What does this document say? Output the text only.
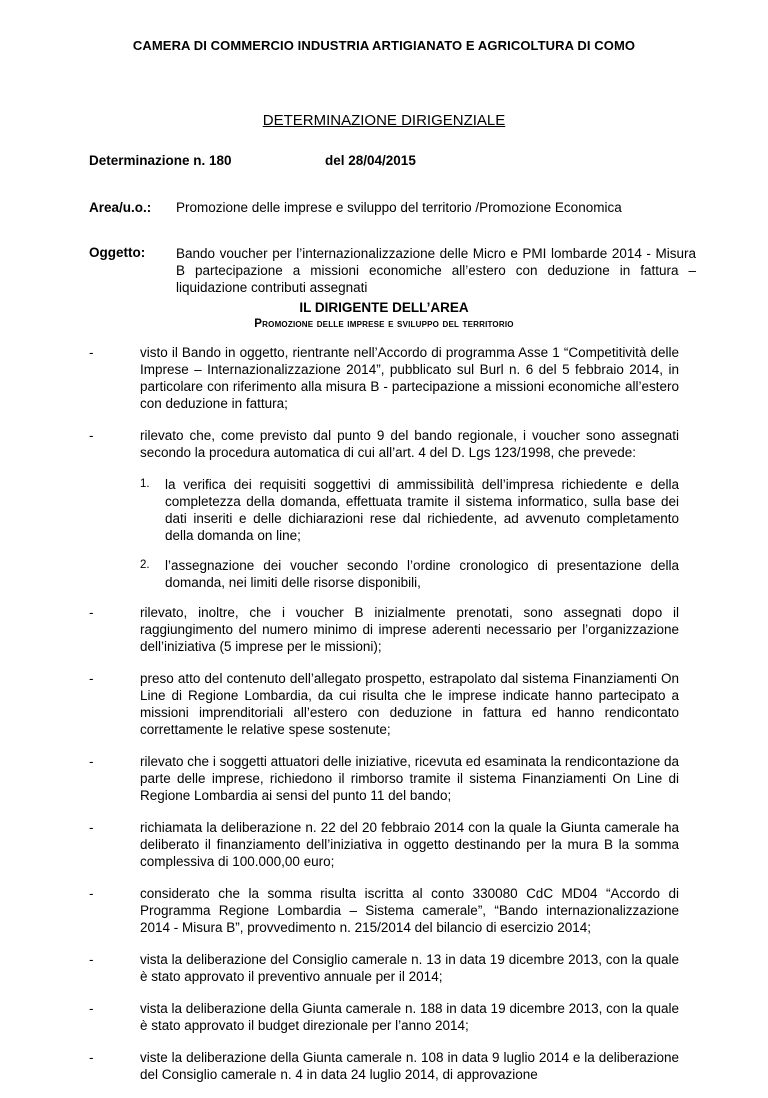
CAMERA DI COMMERCIO INDUSTRIA ARTIGIANATO E AGRICOLTURA DI COMO
DETERMINAZIONE DIRIGENZIALE
Determinazione n. 180	del 28/04/2015
Area/u.o.: Promozione delle imprese e sviluppo del territorio /Promozione Economica
Oggetto: Bando voucher per l’internazionalizzazione delle Micro e PMI lombarde 2014 - Misura B partecipazione a missioni economiche all’estero con deduzione in fattura – liquidazione contributi assegnati
IL DIRIGENTE DELL’AREA
Promozione delle imprese e sviluppo del territorio
-	visto il Bando in oggetto, rientrante nell’Accordo di programma Asse 1 “Competitività delle Imprese – Internazionalizzazione 2014”, pubblicato sul Burl n. 6 del 5 febbraio 2014, in particolare con riferimento alla misura B - partecipazione a missioni economiche all’estero con deduzione in fattura;
-	rilevato che, come previsto dal punto 9 del bando regionale, i voucher sono assegnati secondo la procedura automatica di cui all’art. 4 del D. Lgs 123/1998, che prevede:
1. la verifica dei requisiti soggettivi di ammissibilità dell’impresa richiedente e della completezza della domanda, effettuata tramite il sistema informatico, sulla base dei dati inseriti e delle dichiarazioni rese dal richiedente, ad avvenuto completamento della domanda on line;
2. l’assegnazione dei voucher secondo l’ordine cronologico di presentazione della domanda, nei limiti delle risorse disponibili,
-	rilevato, inoltre, che i voucher B inizialmente prenotati, sono assegnati dopo il raggiungimento del numero minimo di imprese aderenti necessario per l’organizzazione dell’iniziativa (5 imprese per le missioni);
-	preso atto del contenuto dell’allegato prospetto, estrapolato dal sistema Finanziamenti On Line di Regione Lombardia, da cui risulta che le imprese indicate hanno partecipato a missioni imprenditoriali all’estero con deduzione in fattura ed hanno rendicontato correttamente le relative spese sostenute;
-	rilevato che i soggetti attuatori delle iniziative, ricevuta ed esaminata la rendicontazione da parte delle imprese, richiedono il rimborso tramite il sistema Finanziamenti On Line di Regione Lombardia ai sensi del punto 11 del bando;
-	richiamata la deliberazione n. 22 del 20 febbraio 2014 con la quale la Giunta camerale ha deliberato il finanziamento dell’iniziativa in oggetto destinando per la mura B la somma complessiva di 100.000,00 euro;
-	considerato che la somma risulta iscritta al conto 330080 CdC MD04 “Accordo di Programma Regione Lombardia – Sistema camerale”, “Bando internazionalizzazione 2014 - Misura B”, provvedimento n. 215/2014 del bilancio di esercizio 2014;
-	vista la deliberazione del Consiglio camerale n. 13 in data 19 dicembre 2013, con la quale è stato approvato il preventivo annuale per il 2014;
-	vista la deliberazione della Giunta camerale n. 188 in data 19 dicembre 2013, con la quale è stato approvato il budget direzionale per l’anno 2014;
-	viste la deliberazione della Giunta camerale n. 108 in data 9 luglio 2014 e la deliberazione del Consiglio camerale n. 4 in data 24 luglio 2014, di approvazione
